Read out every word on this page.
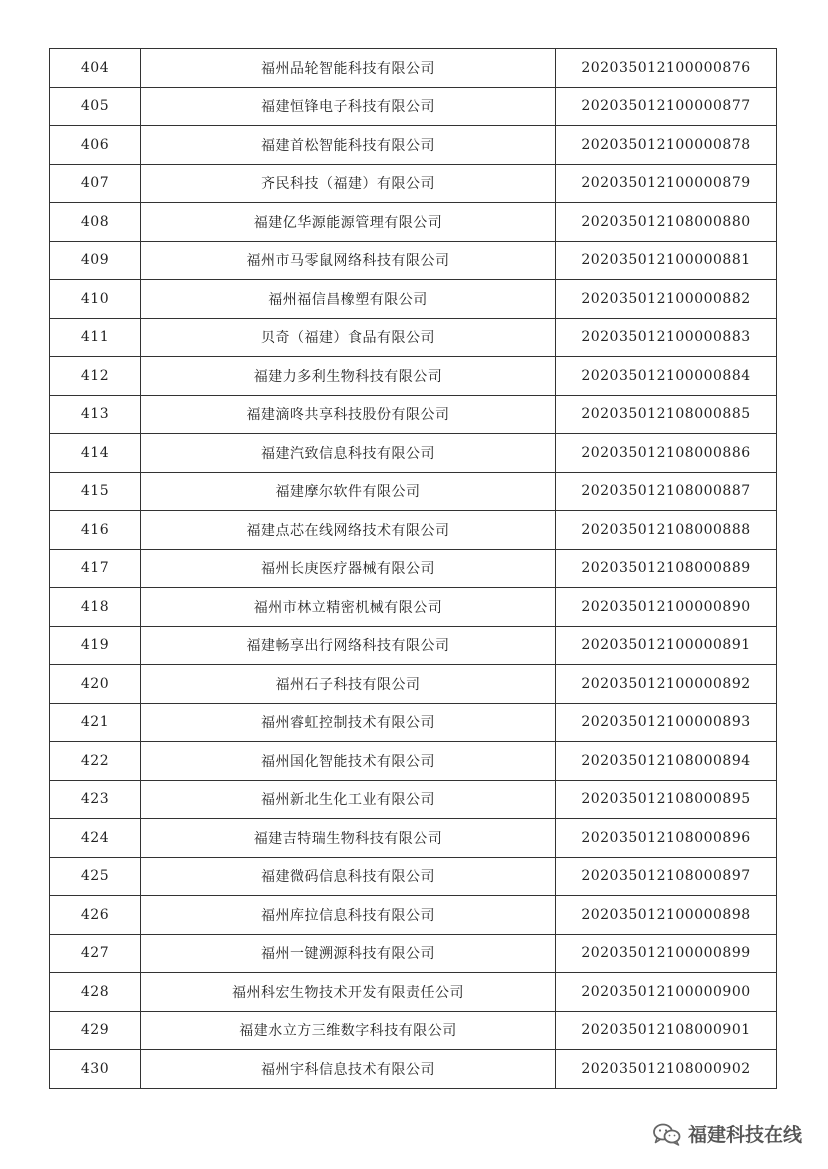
404	福州品轮智能科技有限公司	202035012100000876
405	福建恒锋电子科技有限公司	202035012100000877
406	福建首松智能科技有限公司	202035012100000878
407	齐民科技（福建）有限公司	202035012100000879
408	福建亿华源能源管理有限公司	202035012108000880
409	福州市马零鼠网络科技有限公司	202035012100000881
410	福州福信昌橡塑有限公司	202035012100000882
411	贝奇（福建）食品有限公司	202035012100000883
412	福建力多利生物科技有限公司	202035012100000884
413	福建滴咚共享科技股份有限公司	202035012108000885
414	福建汽致信息科技有限公司	202035012108000886
415	福建摩尔软件有限公司	202035012108000887
416	福建点芯在线网络技术有限公司	202035012108000888
417	福州长庚医疗器械有限公司	202035012108000889
418	福州市林立精密机械有限公司	202035012100000890
419	福建畅享出行网络科技有限公司	202035012100000891
420	福州石子科技有限公司	202035012100000892
421	福州睿虹控制技术有限公司	202035012100000893
422	福州国化智能技术有限公司	202035012108000894
423	福州新北生化工业有限公司	202035012108000895
424	福建吉特瑞生物科技有限公司	202035012108000896
425	福建微码信息科技有限公司	202035012108000897
426	福州库拉信息科技有限公司	202035012100000898
427	福州一键溯源科技有限公司	202035012100000899
428	福州科宏生物技术开发有限责任公司	202035012100000900
429	福建水立方三维数字科技有限公司	202035012108000901
430	福州宇科信息技术有限公司	202035012108000902
福建科技在线
